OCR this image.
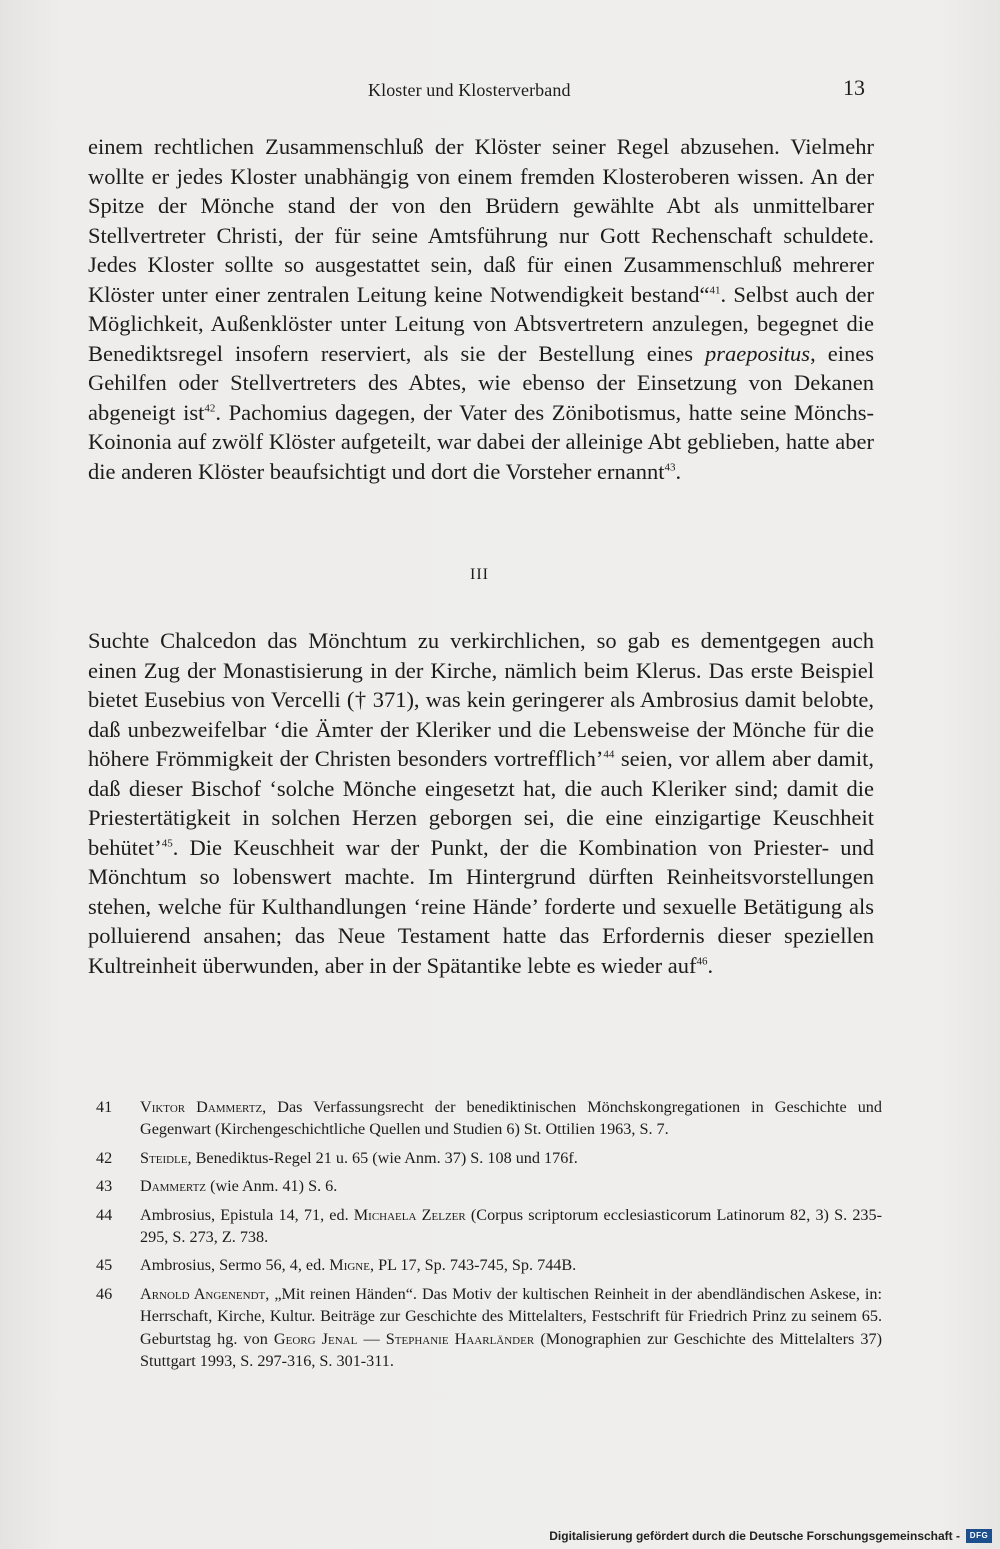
Kloster und Klosterverband	13

einem rechtlichen Zusammenschluß der Klöster seiner Regel abzusehen. Vielmehr wollte er jedes Kloster unabhängig von einem fremden Klosteroberen wissen. An der Spitze der Mönche stand der von den Brüdern gewählte Abt als unmittelbarer Stellvertreter Christi, der für seine Amtsführung nur Gott Rechenschaft schuldete. Jedes Kloster sollte so ausgestattet sein, daß für einen Zusammenschluß mehrerer Klöster unter einer zentralen Leitung keine Notwendigkeit bestand“$^{41}$. Selbst auch der Möglichkeit, Außenklöster unter Leitung von Abtsvertretern anzulegen, begegnet die Benediktsregel insofern reserviert, als sie der Bestellung eines praepositus, eines Gehilfen oder Stellvertreters des Abtes, wie ebenso der Einsetzung von Dekanen abgeneigt ist$^{42}$. Pachomius dagegen, der Vater des Zönibotismus, hatte seine Mönchs-Koinonia auf zwölf Klöster aufgeteilt, war dabei der alleinige Abt geblieben, hatte aber die anderen Klöster beaufsichtigt und dort die Vorsteher ernannt$^{43}$.

III

Suchte Chalcedon das Mönchtum zu verkirchlichen, so gab es dementgegen auch einen Zug der Monastisierung in der Kirche, nämlich beim Klerus. Das erste Beispiel bietet Eusebius von Vercelli († 371), was kein geringerer als Ambrosius damit belobte, daß unbezweifelbar ‘die Ämter der Kleriker und die Lebensweise der Mönche für die höhere Frömmigkeit der Christen besonders vortrefflich’$^{44}$ seien, vor allem aber damit, daß dieser Bischof ‘solche Mönche eingesetzt hat, die auch Kleriker sind; damit die Priestertätigkeit in solchen Herzen geborgen sei, die eine einzigartige Keuschheit behütet’$^{45}$. Die Keuschheit war der Punkt, der die Kombination von Priester- und Mönchtum so lobenswert machte. Im Hintergrund dürften Reinheitsvorstellungen stehen, welche für Kulthandlungen ‘reine Hände’ forderte und sexuelle Betätigung als polluierend ansahen; das Neue Testament hatte das Erfordernis dieser speziellen Kultreinheit überwunden, aber in der Spätantike lebte es wieder auf$^{46}$.

41	Viktor Dammertz, Das Verfassungsrecht der benediktinischen Mönchskongregationen in Geschichte und Gegenwart (Kirchengeschichtliche Quellen und Studien 6) St. Ottilien 1963, S. 7.
42	Steidle, Benediktus-Regel 21 u. 65 (wie Anm. 37) S. 108 und 176f.
43	Dammertz (wie Anm. 41) S. 6.
44	Ambrosius, Epistula 14, 71, ed. Michaela Zelzer (Corpus scriptorum ecclesiasticorum Latinorum 82, 3) S. 235-295, S. 273, Z. 738.
45	Ambrosius, Sermo 56, 4, ed. Migne, PL 17, Sp. 743-745, Sp. 744B.
46	Arnold Angenendt, „Mit reinen Händen“. Das Motiv der kultischen Reinheit in der abendländischen Askese, in: Herrschaft, Kirche, Kultur. Beiträge zur Geschichte des Mittelalters, Festschrift für Friedrich Prinz zu seinem 65. Geburtstag hg. von Georg Jenal — Stephanie Haarländer (Monographien zur Geschichte des Mittelalters 37) Stuttgart 1993, S. 297-316, S. 301-311.
Digitalisierung gefördert durch die Deutsche Forschungsgemeinschaft -	DFG
